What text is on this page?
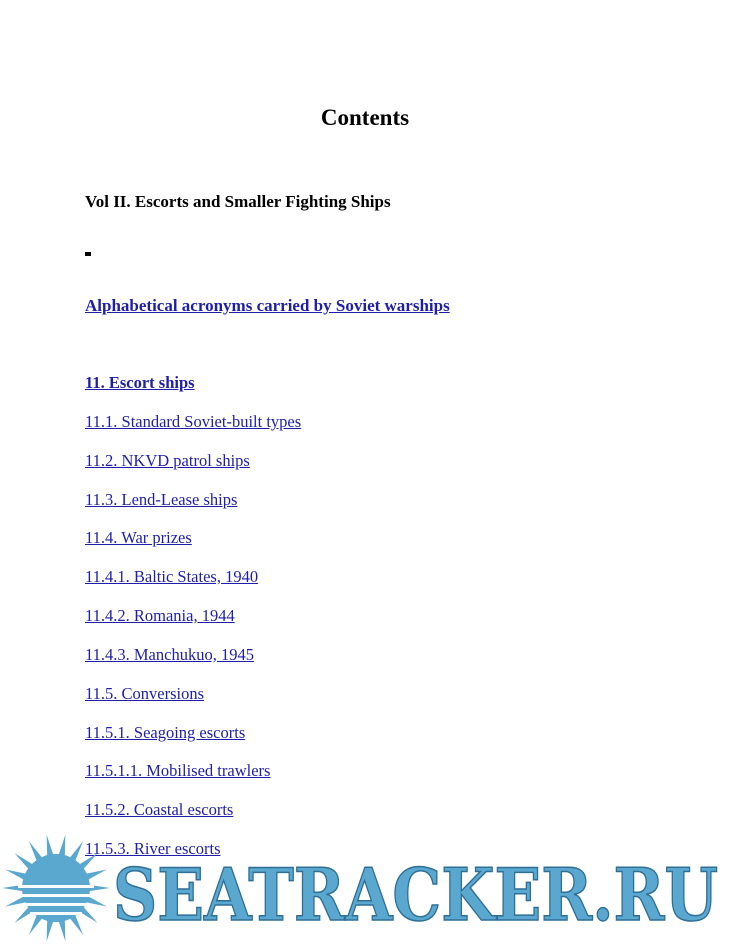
Contents
Vol II. Escorts and Smaller Fighting Ships
Alphabetical acronyms carried by Soviet warships
11. Escort ships
11.1. Standard Soviet-built types
11.2. NKVD patrol ships
11.3. Lend-Lease ships
11.4. War prizes
11.4.1. Baltic States, 1940
11.4.2. Romania, 1944
11.4.3. Manchukuo, 1945
11.5. Conversions
11.5.1. Seagoing escorts
11.5.1.1. Mobilised trawlers
11.5.2. Coastal escorts
11.5.3. River escorts
SEATRACKER.RU
